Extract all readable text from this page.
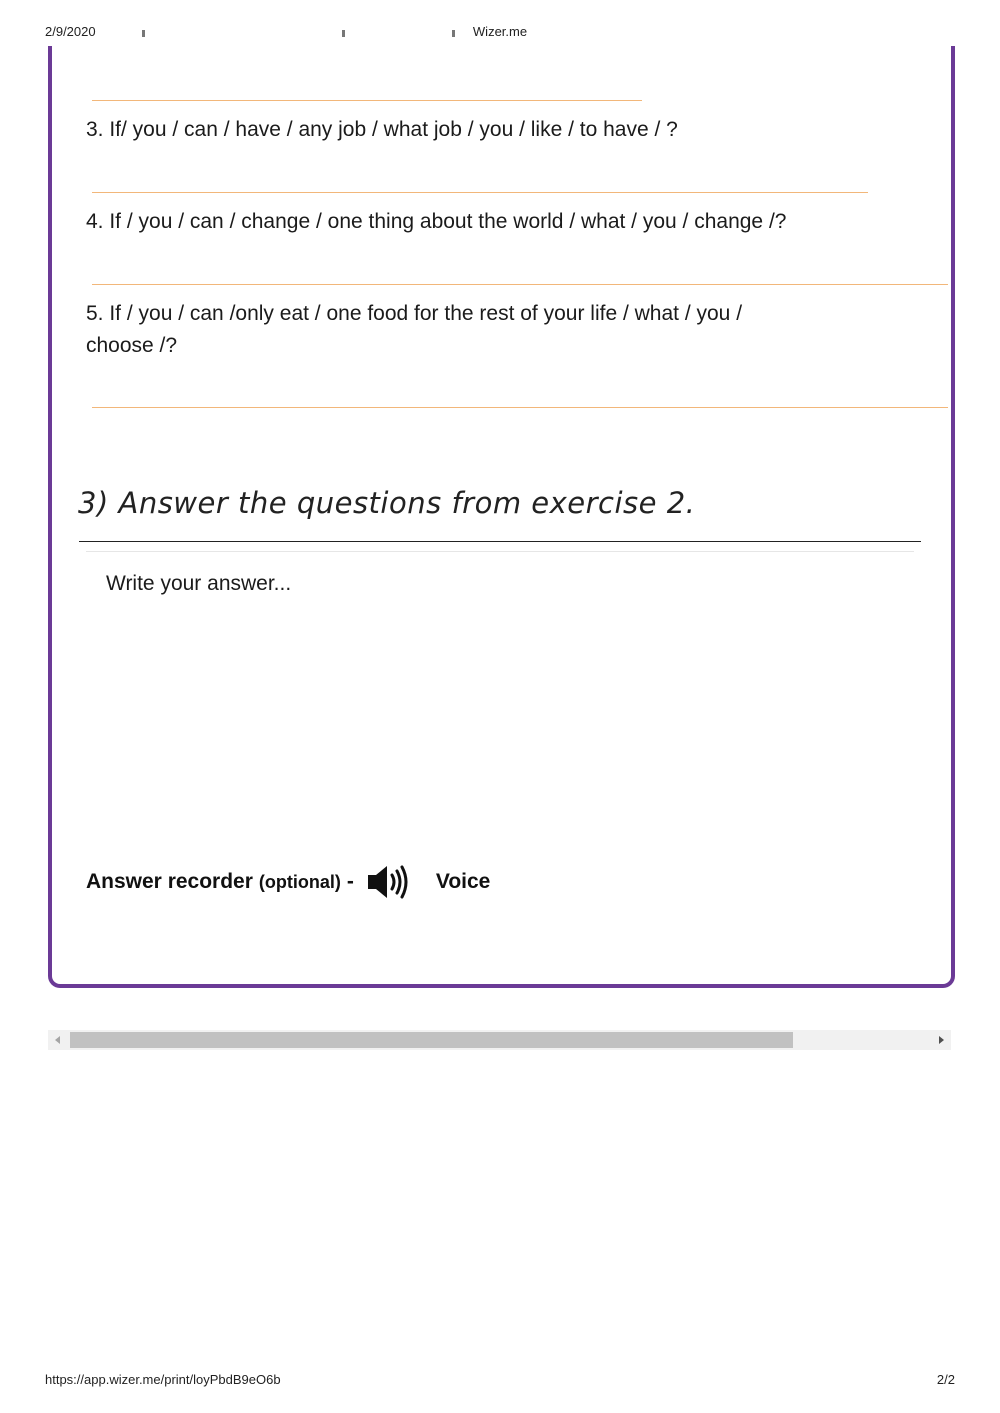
2/9/2020	Wizer.me
3. If/ you / can / have / any job / what job / you / like / to have / ?
4. If / you / can / change / one thing about the world / what / you / change /?
5. If / you / can /only eat / one food for the rest of your life / what / you /
choose /?
3) Answer the questions from exercise 2.
Write your answer...
Answer recorder (optional) -	Voice
https://app.wizer.me/print/loyPbdB9eO6b	2/2
